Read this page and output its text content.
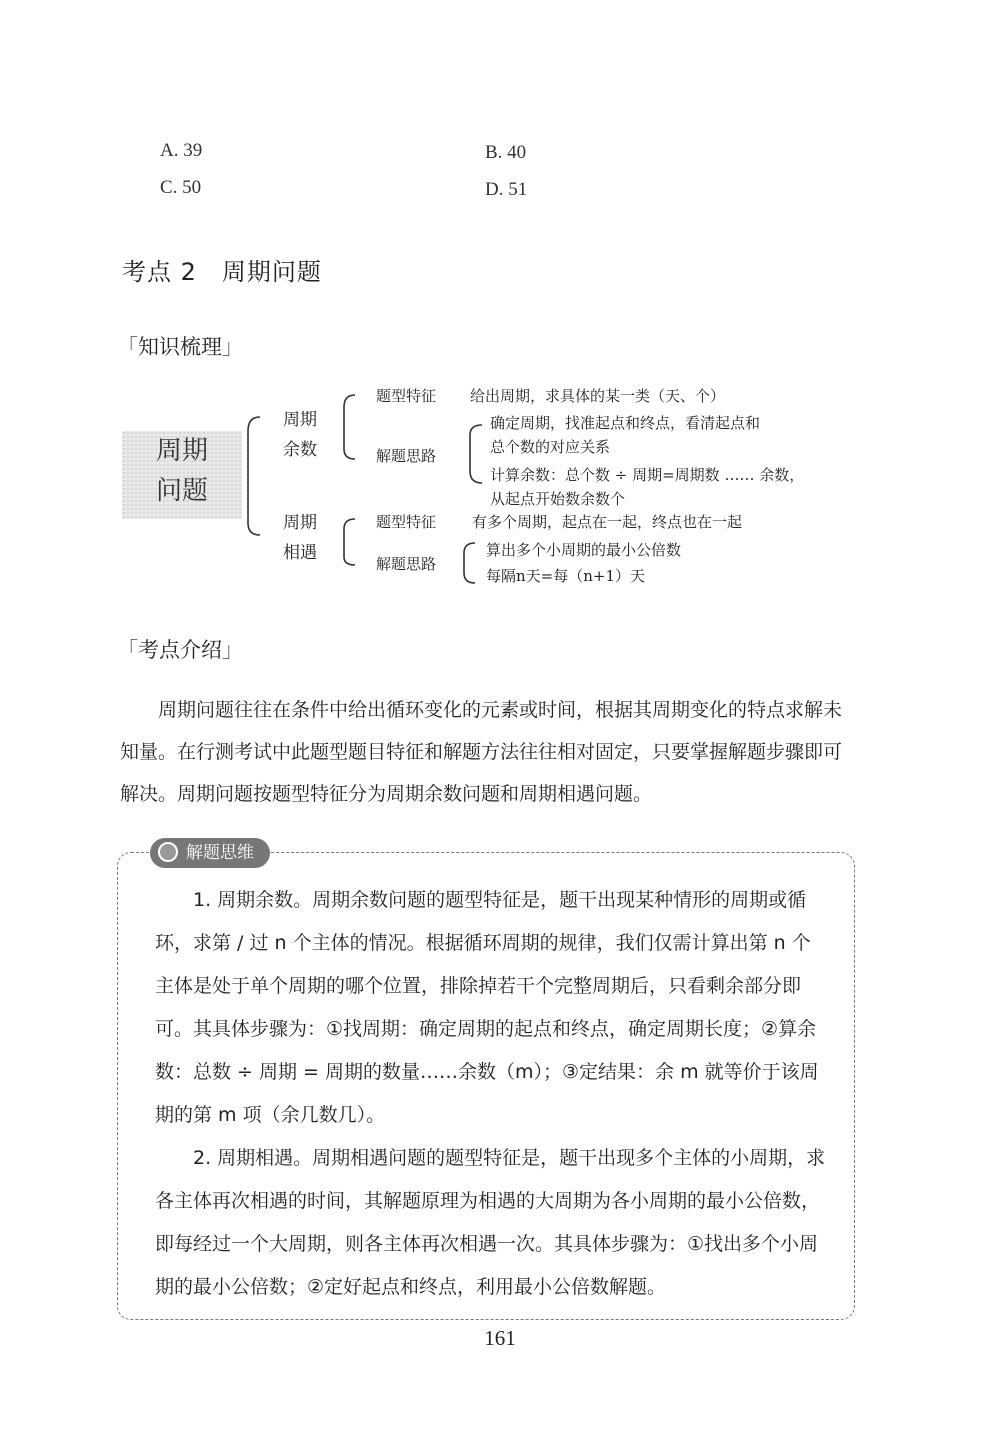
A. 39	B. 40
C. 50	D. 51
考点 2　周期问题
「知识梳理」
周期
问题
周期
余数
题型特征 给出周期，求具体的某一类（天、个）
解题思路
确定周期，找准起点和终点，看清起点和
总个数的对应关系
计算余数：总个数 ÷ 周期=周期数 …… 余数，
从起点开始数余数个
周期
相遇
题型特征 有多个周期，起点在一起，终点也在一起
解题思路
算出多个小周期的最小公倍数
每隔n天=每（n+1）天
「考点介绍」

周期问题往往在条件中给出循环变化的元素或时间，根据其周期变化的特点求解未知量。在行测考试中此题型题目特征和解题方法往往相对固定，只要掌握解题步骤即可解决。周期问题按题型特征分为周期余数问题和周期相遇问题。

解题思维

1. 周期余数。周期余数问题的题型特征是，题干出现某种情形的周期或循环，求第 / 过 n 个主体的情况。根据循环周期的规律，我们仅需计算出第 n 个主体是处于单个周期的哪个位置，排除掉若干个完整周期后，只看剩余部分即可。其具体步骤为：①找周期：确定周期的起点和终点，确定周期长度；②算余数：总数 ÷ 周期 = 周期的数量……余数（m）；③定结果：余 m 就等价于该周期的第 m 项（余几数几）。

2. 周期相遇。周期相遇问题的题型特征是，题干出现多个主体的小周期，求各主体再次相遇的时间，其解题原理为相遇的大周期为各小周期的最小公倍数，即每经过一个大周期，则各主体再次相遇一次。其具体步骤为：①找出多个小周期的最小公倍数；②定好起点和终点，利用最小公倍数解题。

161
